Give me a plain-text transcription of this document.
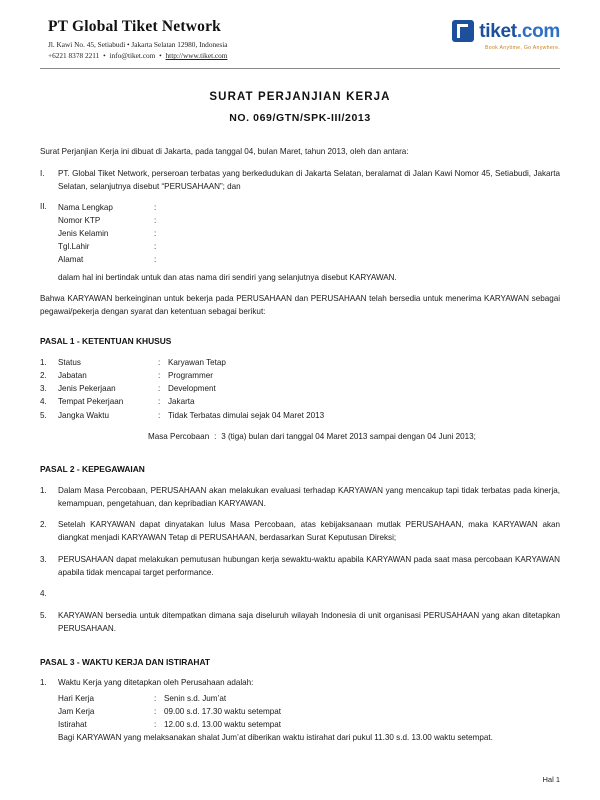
PT Global Tiket Network
Jl. Kawi No. 45, Setiabudi • Jakarta Selatan 12980, Indonesia
+6221 8378 2211 • info@tiket.com • http://www.tiket.com
tiket.com
Book Anytime, Go Anywhere.
SURAT PERJANJIAN KERJA
NO. 069/GTN/SPK-III/2013

Surat Perjanjian Kerja ini dibuat di Jakarta, pada tanggal 04, bulan Maret, tahun 2013, oleh dan antara:

I.	PT. Global Tiket Network, perseroan terbatas yang berkedudukan di Jakarta Selatan, beralamat di Jalan Kawi Nomor 45, Setiabudi, Jakarta Selatan, selanjutnya disebut “PERUSAHAAN”; dan
II.	Nama Lengkap	:
Nomor KTP	:
Jenis Kelamin	:
Tgl.Lahir	:
Alamat	:
dalam hal ini bertindak untuk dan atas nama diri sendiri yang selanjutnya disebut KARYAWAN.

Bahwa KARYAWAN berkeinginan untuk bekerja pada PERUSAHAAN dan PERUSAHAAN telah bersedia untuk menerima KARYAWAN sebagai pegawai/pekerja dengan syarat dan ketentuan sebagai berikut:

PASAL 1 - KETENTUAN KHUSUS
1.	Status	: Karyawan Tetap
2.	Jabatan	: Programmer
3.	Jenis Pekerjaan	: Development
4.	Tempat Pekerjaan	: Jakarta
5.	Jangka Waktu	: Tidak Terbatas dimulai sejak 04 Maret 2013
Masa Percobaan : 3 (tiga) bulan dari tanggal 04 Maret 2013 sampai dengan 04 Juni 2013;
PASAL 2 - KEPEGAWAIAN
1.	Dalam Masa Percobaan, PERUSAHAAN akan melakukan evaluasi terhadap KARYAWAN yang mencakup tapi tidak terbatas pada kinerja, kemampuan, pengetahuan, dan kepribadian KARYAWAN.
2.	Setelah KARYAWAN dapat dinyatakan lulus Masa Percobaan, atas kebijaksanaan mutlak PERUSAHAAN, maka KARYAWAN akan diangkat menjadi KARYAWAN Tetap di PERUSAHAAN, berdasarkan Surat Keputusan Direksi;
3.	PERUSAHAAN dapat melakukan pemutusan hubungan kerja sewaktu-waktu apabila KARYAWAN pada saat masa percobaan KARYAWAN apabila tidak mencapai target performance.
4.
5.	KARYAWAN bersedia untuk ditempatkan dimana saja diseluruh wilayah Indonesia di unit organisasi PERUSAHAAN yang akan ditetapkan PERUSAHAAN.
PASAL 3 - WAKTU KERJA DAN ISTIRAHAT
1.	Waktu Kerja yang ditetapkan oleh Perusahaan adalah:
Hari Kerja	: Senin s.d. Jum’at
Jam Kerja	: 09.00 s.d. 17.30 waktu setempat
Istirahat	: 12.00 s.d. 13.00 waktu setempat
Bagi KARYAWAN yang melaksanakan shalat Jum’at diberikan waktu istirahat dari pukul 11.30 s.d. 13.00 waktu setempat.
Hal 1
